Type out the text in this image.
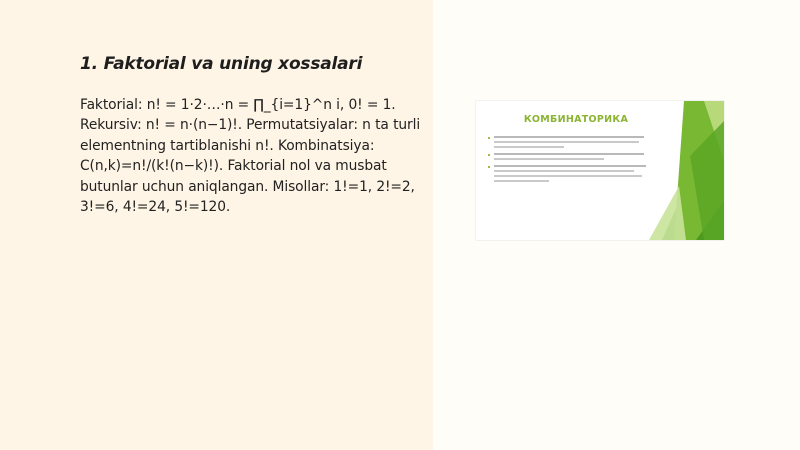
1. Faktorial va uning xossalari

Faktorial: n! = 1·2·…·n = ∏_{i=1}^n i, 0! = 1. Rekursiv: n! = n·(n−1)!. Permutatsiyalar: n ta turli elementning tartiblanishi n!. Kombinatsiya: C(n,k)=n!/(k!(n−k)!). Faktorial nol va musbat butunlar uchun aniqlangan. Misollar: 1!=1, 2!=2, 3!=6, 4!=24, 5!=120.

КОМБИНАТОРИКА
